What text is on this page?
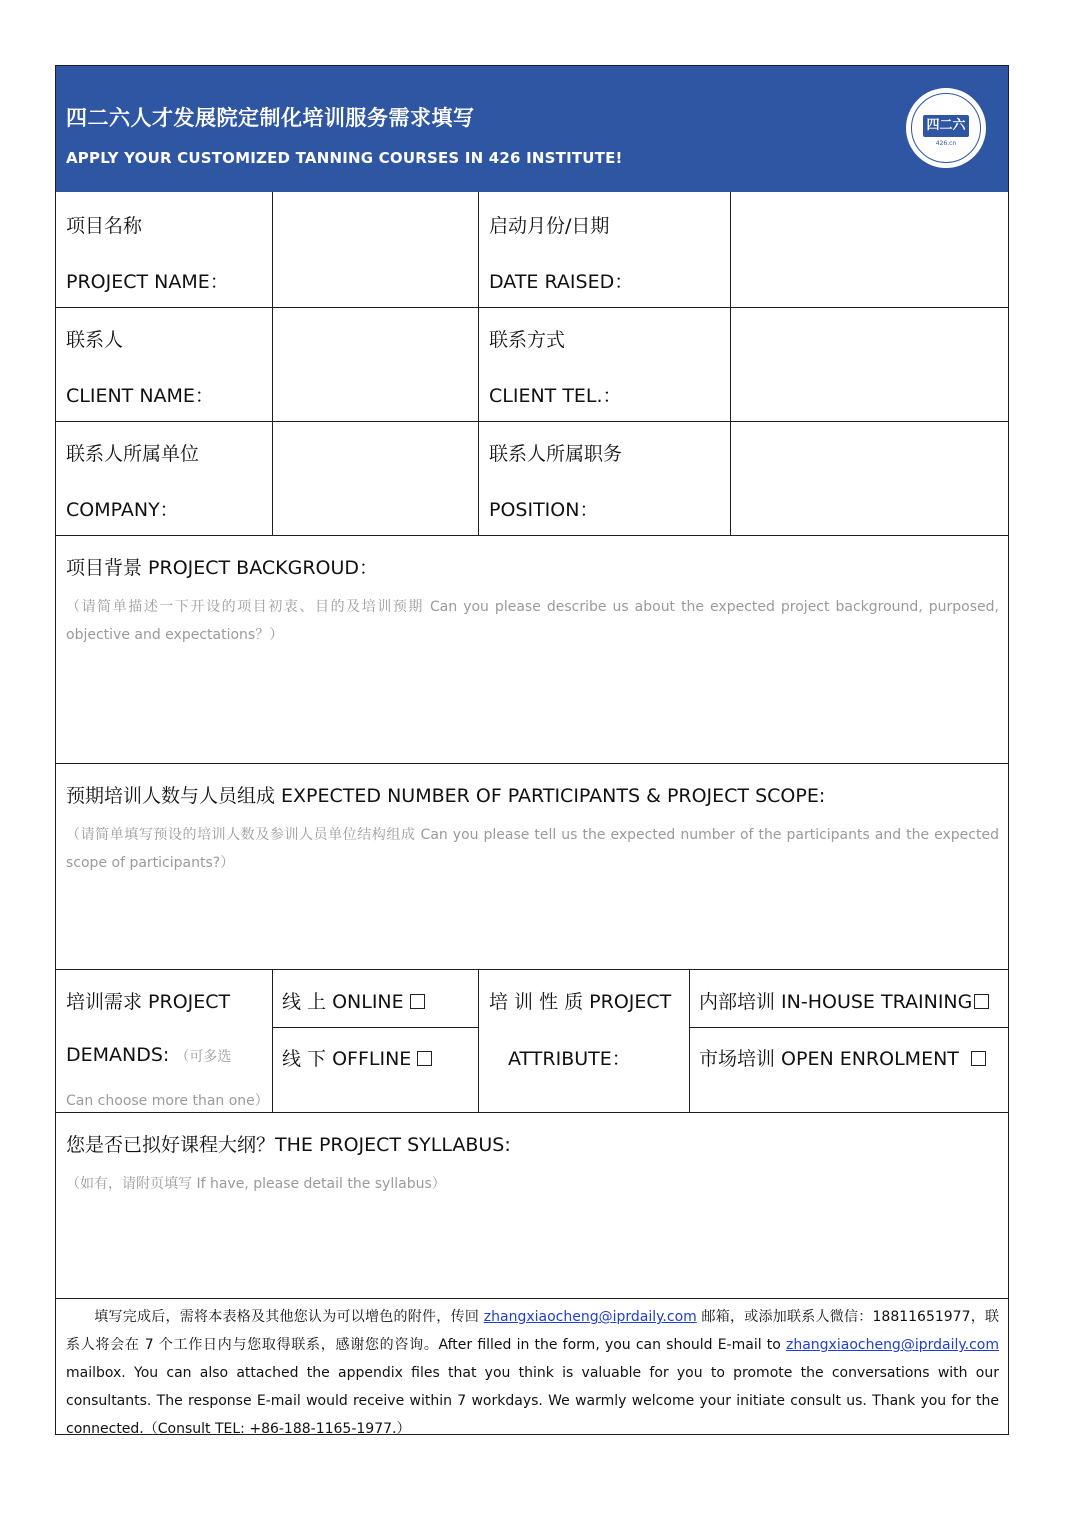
四二六人才发展院定制化培训服务需求填写
APPLY YOUR CUSTOMIZED TANNING COURSES IN 426 INSTITUTE!
四二六
426.cn
项目名称
PROJECT NAME：
启动月份/日期
DATE RAISED：
联系人
CLIENT NAME：
联系方式
CLIENT TEL.：
联系人所属单位
COMPANY：
联系人所属职务
POSITION：
项目背景 PROJECT BACKGROUD：
（请简单描述一下开设的项目初衷、目的及培训预期 Can you please describe us about the expected project background, purposed, objective and expectations？）
预期培训人数与人员组成 EXPECTED NUMBER OF PARTICIPANTS & PROJECT SCOPE:
（请简单填写预设的培训人数及参训人员单位结构组成 Can you please tell us the expected number of the participants and the expected scope of participants?）
培训需求 PROJECT
DEMANDS: （可多选
Can choose more than one）
线 上 ONLINE
线 下 OFFLINE
培 训 性 质 PROJECT
ATTRIBUTE：
内部培训 IN-HOUSE TRAINING
市场培训 OPEN ENROLMENT
您是否已拟好课程大纲？THE PROJECT SYLLABUS:
（如有，请附页填写 If have, please detail the syllabus）
填写完成后，需将本表格及其他您认为可以增色的附件，传回 zhangxiaocheng@iprdaily.com 邮箱，或添加联系人微信：18811651977，联系人将会在 7 个工作日内与您取得联系，感谢您的咨询。After filled in the form, you can should E-mail to zhangxiaocheng@iprdaily.com mailbox. You can also attached the appendix files that you think is valuable for you to promote the conversations with our consultants. The response E-mail would receive within 7 workdays. We warmly welcome your initiate consult us. Thank you for the connected.（Consult TEL: +86-188-1165-1977.）
